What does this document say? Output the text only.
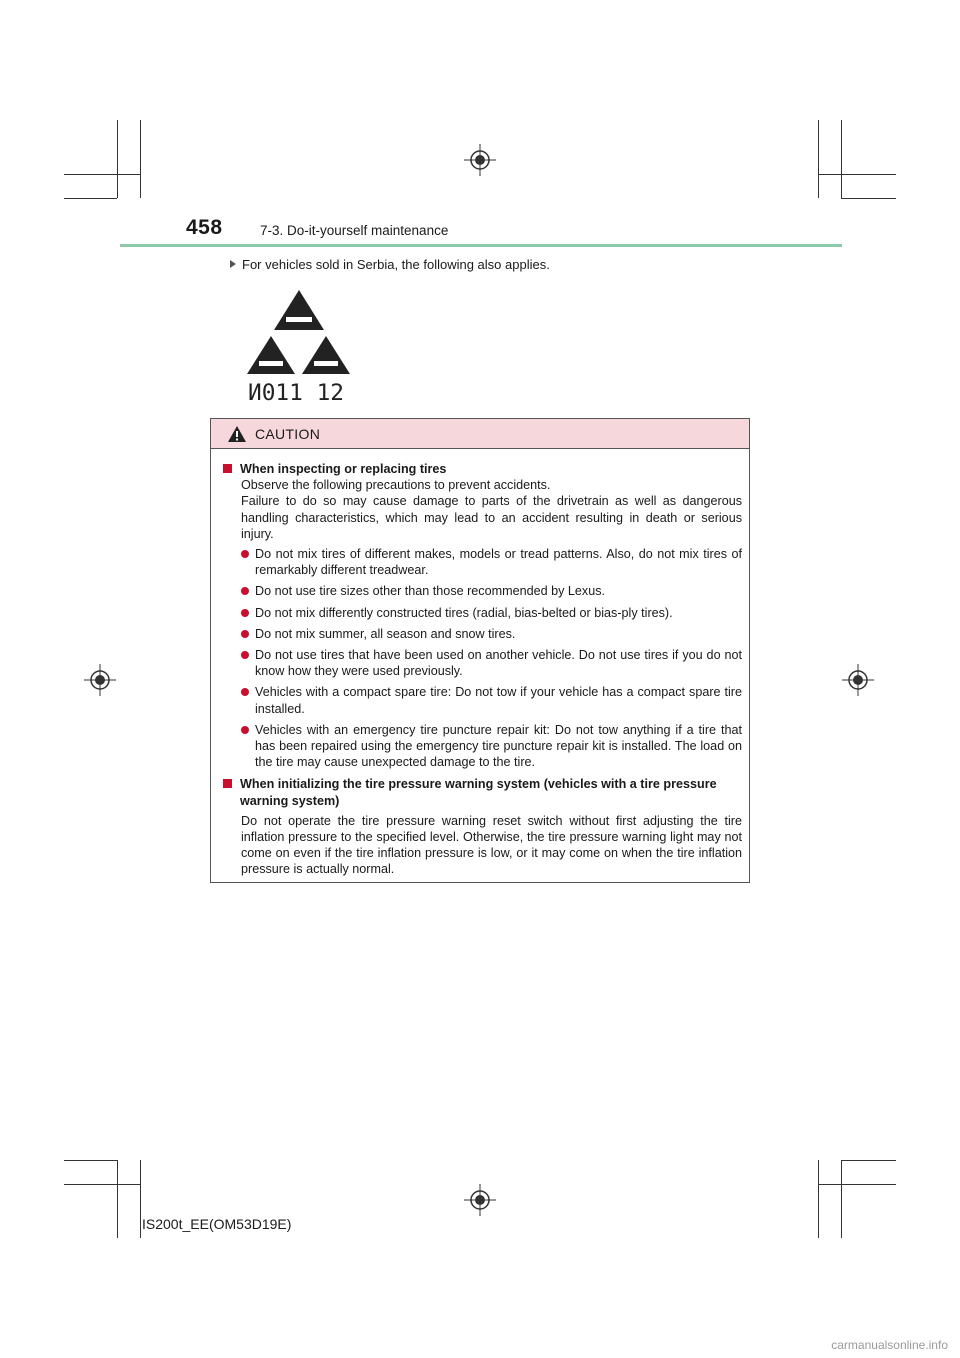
458	7-3. Do-it-yourself maintenance
For vehicles sold in Serbia, the following also applies.
И011 12
CAUTION
When inspecting or replacing tires

Observe the following precautions to prevent accidents.

Failure to do so may cause damage to parts of the drivetrain as well as dangerous handling characteristics, which may lead to an accident resulting in death or serious injury.

Do not mix tires of different makes, models or tread patterns. Also, do not mix tires of remarkably different treadwear.
Do not use tire sizes other than those recommended by Lexus.
Do not mix differently constructed tires (radial, bias-belted or bias-ply tires).
Do not mix summer, all season and snow tires.
Do not use tires that have been used on another vehicle. Do not use tires if you do not know how they were used previously.
Vehicles with a compact spare tire: Do not tow if your vehicle has a compact spare tire installed.
Vehicles with an emergency tire puncture repair kit: Do not tow anything if a tire that has been repaired using the emergency tire puncture repair kit is installed. The load on the tire may cause unexpected damage to the tire.
When initializing the tire pressure warning system (vehicles with a tire pressure warning system)

Do not operate the tire pressure warning reset switch without first adjusting the tire inflation pressure to the specified level. Otherwise, the tire pressure warning light may not come on even if the tire inflation pressure is low, or it may come on when the tire inflation pressure is actually normal.

IS200t_EE(OM53D19E)
carmanualsonline.info
